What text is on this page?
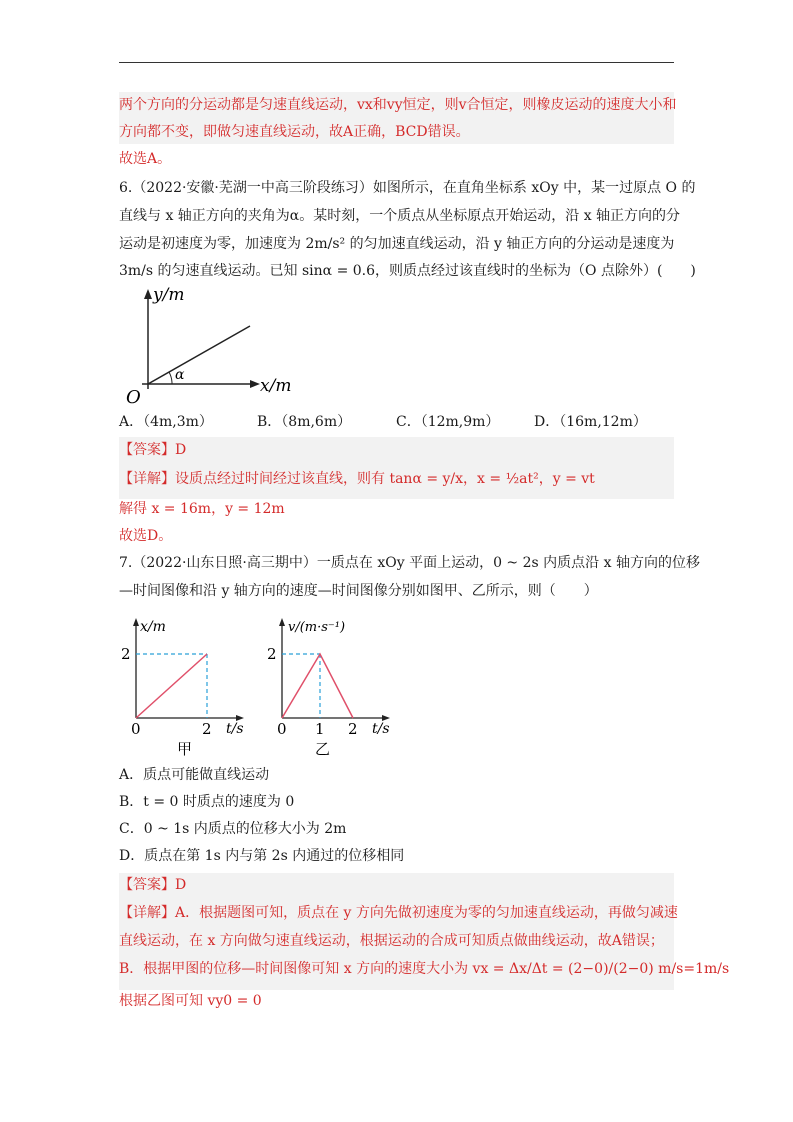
两个方向的分运动都是匀速直线运动，vx和vy恒定，则v合恒定，则橡皮运动的速度大小和
方向都不变，即做匀速直线运动，故A正确，BCD错误。
故选A。
6.（2022·安徽·芜湖一中高三阶段练习）如图所示，在直角坐标系 xOy 中，某一过原点 O 的
直线与 x 轴正方向的夹角为α。某时刻，一个质点从坐标原点开始运动，沿 x 轴正方向的分
运动是初速度为零，加速度为 2m/s² 的匀加速直线运动，沿 y 轴正方向的分运动是速度为
3m/s 的匀速直线运动。已知 sinα = 0.6，则质点经过该直线时的坐标为（O 点除外）(　　)
y/m
x/m
O
α
A．（4m,3m）	B．（8m,6m）	C．（12m,9m） D．（16m,12m）
【答案】D
【详解】设质点经过时间经过该直线，则有 tanα = y/x，x = ½at²，y = vt
解得 x = 16m，y = 12m
故选D。
7.（2022·山东日照·高三期中）一质点在 xOy 平面上运动，0 ~ 2s 内质点沿 x 轴方向的位移
—时间图像和沿 y 轴方向的速度—时间图像分别如图甲、乙所示，则（　　）
x/m
t/s
2
0	2
甲
v/(m·s⁻¹)
t/s
2
0 1 2
乙
A．质点可能做直线运动
B．t = 0 时质点的速度为 0
C．0 ~ 1s 内质点的位移大小为 2m
D．质点在第 1s 内与第 2s 内通过的位移相同
【答案】D
【详解】A．根据题图可知，质点在 y 方向先做初速度为零的匀加速直线运动，再做匀减速
直线运动，在 x 方向做匀速直线运动，根据运动的合成可知质点做曲线运动，故A错误；
B．根据甲图的位移—时间图像可知 x 方向的速度大小为 vx = Δx/Δt = (2−0)/(2−0) m/s=1m/s
根据乙图可知 vy0 = 0
